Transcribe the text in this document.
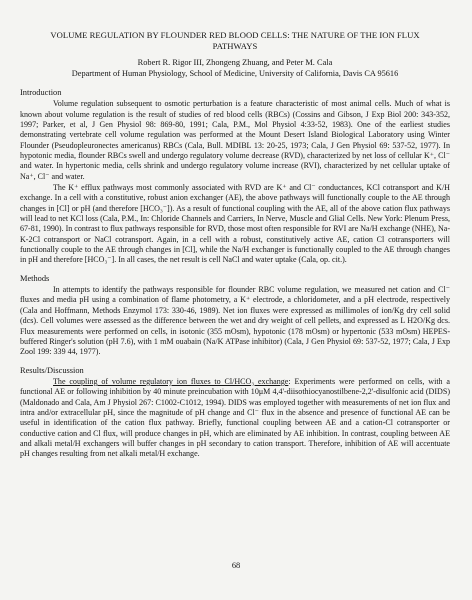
VOLUME REGULATION BY FLOUNDER RED BLOOD CELLS: THE NATURE OF THE ION FLUX PATHWAYS
Robert R. Rigor III, Zhongeng Zhuang, and Peter M. Cala
Department of Human Physiology, School of Medicine, University of California, Davis CA 95616
Introduction

Volume regulation subsequent to osmotic perturbation is a feature characteristic of most animal cells. Much of what is known about volume regulation is the result of studies of red blood cells (RBCs) (Cossins and Gibson, J Exp Biol 200: 343-352, 1997; Parker, et al, J Gen Physiol 98: 869-80, 1991; Cala, P.M., Mol Physiol 4:33-52, 1983). One of the earliest studies demonstrating vertebrate cell volume regulation was performed at the Mount Desert Island Biological Laboratory using Winter Flounder (Pseudopleuronectes americanus) RBCs (Cala, Bull. MDIBL 13: 20-25, 1973; Cala, J Gen Physiol 69: 537-52, 1977). In hypotonic media, flounder RBCs swell and undergo regulatory volume decrease (RVD), characterized by net loss of cellular K⁺, Cl⁻ and water. In hypertonic media, cells shrink and undergo regulatory volume increase (RVI), characterized by net cellular uptake of Na⁺, Cl⁻ and water.

The K⁺ efflux pathways most commonly associated with RVD are K⁺ and Cl⁻ conductances, KCl cotransport and K/H exchange. In a cell with a constitutive, robust anion exchanger (AE), the above pathways will functionally couple to the AE through changes in [Cl] or pH (and therefore [HCO₃⁻]). As a result of functional coupling with the AE, all of the above cation flux pathways will lead to net KCl loss (Cala, P.M., In: Chloride Channels and Carriers, In Nerve, Muscle and Glial Cells. New York: Plenum Press, 67-81, 1990). In contrast to flux pathways responsible for RVD, those most often responsible for RVI are Na/H exchange (NHE), Na-K-2Cl cotransport or NaCl cotransport. Again, in a cell with a robust, constitutively active AE, cation Cl cotransporters will functionally couple to the AE through changes in [Cl], while the Na/H exchanger is functionally coupled to the AE through changes in pH and therefore [HCO₃⁻]. In all cases, the net result is cell NaCl and water uptake (Cala, op. cit.).

Methods

In attempts to identify the pathways responsible for flounder RBC volume regulation, we measured net cation and Cl⁻ fluxes and media pH using a combination of flame photometry, a K⁺ electrode, a chloridometer, and a pH electrode, respectively (Cala and Hoffmann, Methods Enzymol 173: 330-46, 1989). Net ion fluxes were expressed as millimoles of ion/Kg dry cell solid (dcs). Cell volumes were assessed as the difference between the wet and dry weight of cell pellets, and expressed as L H2O/Kg dcs. Flux measurements were performed on cells, in isotonic (355 mOsm), hypotonic (178 mOsm) or hypertonic (533 mOsm) HEPES-buffered Ringer's solution (pH 7.6), with 1 mM ouabain (Na/K ATPase inhibitor) (Cala, J Gen Physiol 69: 537-52, 1977; Cala, J Exp Zool 199: 339 44, 1977).

Results/Discussion

The coupling of volume regulatory ion fluxes to Cl/HCO₃ exchange: Experiments were performed on cells, with a functional AE or following inhibition by 40 minute preincubation with 10μM 4,4'-diisothiocyanostilbene-2,2'-disulfonic acid (DIDS) (Maldonado and Cala, Am J Physiol 267: C1002-C1012, 1994). DIDS was employed together with measurements of net ion flux and intra and/or extracellular pH, since the magnitude of pH change and Cl⁻ flux in the absence and presence of functional AE can be useful in identification of the cation flux pathway. Briefly, functional coupling between AE and a cation-Cl cotransporter or conductive cation and Cl flux, will produce changes in pH, which are eliminated by AE inhibition. In contrast, coupling between AE and alkali metal/H exchangers will buffer changes in pH secondary to cation transport. Therefore, inhibition of AE will accentuate pH changes resulting from net alkali metal/H exchange.

68
